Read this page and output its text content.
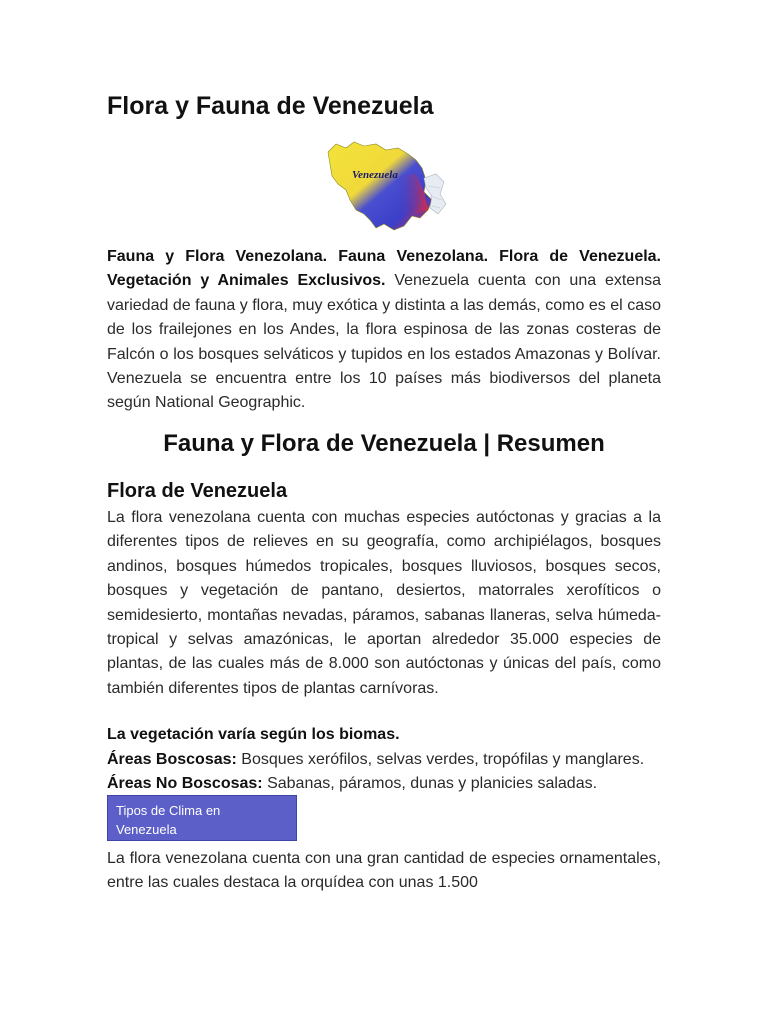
Flora y Fauna de Venezuela
Venezuela

Fauna y Flora Venezolana. Fauna Venezolana. Flora de Venezuela. Vegetación y Animales Exclusivos. Venezuela cuenta con una extensa variedad de fauna y flora, muy exótica y distinta a las demás, como es el caso de los frailejones en los Andes, la flora espinosa de las zonas costeras de Falcón o los bosques selváticos y tupidos en los estados Amazonas y Bolívar. Venezuela se encuentra entre los 10 países más biodiversos del planeta según National Geographic.

Fauna y Flora de Venezuela | Resumen
Flora de Venezuela

La flora venezolana cuenta con muchas especies autóctonas y gracias a la diferentes tipos de relieves en su geografía, como archipiélagos, bosques andinos, bosques húmedos tropicales, bosques lluviosos, bosques secos, bosques y vegetación de pantano, desiertos, matorrales xerofíticos o semidesierto, montañas nevadas, páramos, sabanas llaneras, selva húmeda-tropical y selvas amazónicas, le aportan alrededor 35.000 especies de plantas, de las cuales más de 8.000 son autóctonas y únicas del país, como también diferentes tipos de plantas carnívoras.

La vegetación varía según los biomas.

Áreas Boscosas: Bosques xerófilos, selvas verdes, tropófilas y manglares.

Áreas No Boscosas: Sabanas, páramos, dunas y planicies saladas.

Tipos de Clima en
Venezuela

La flora venezolana cuenta con una gran cantidad de especies ornamentales, entre las cuales destaca la orquídea con unas 1.500
